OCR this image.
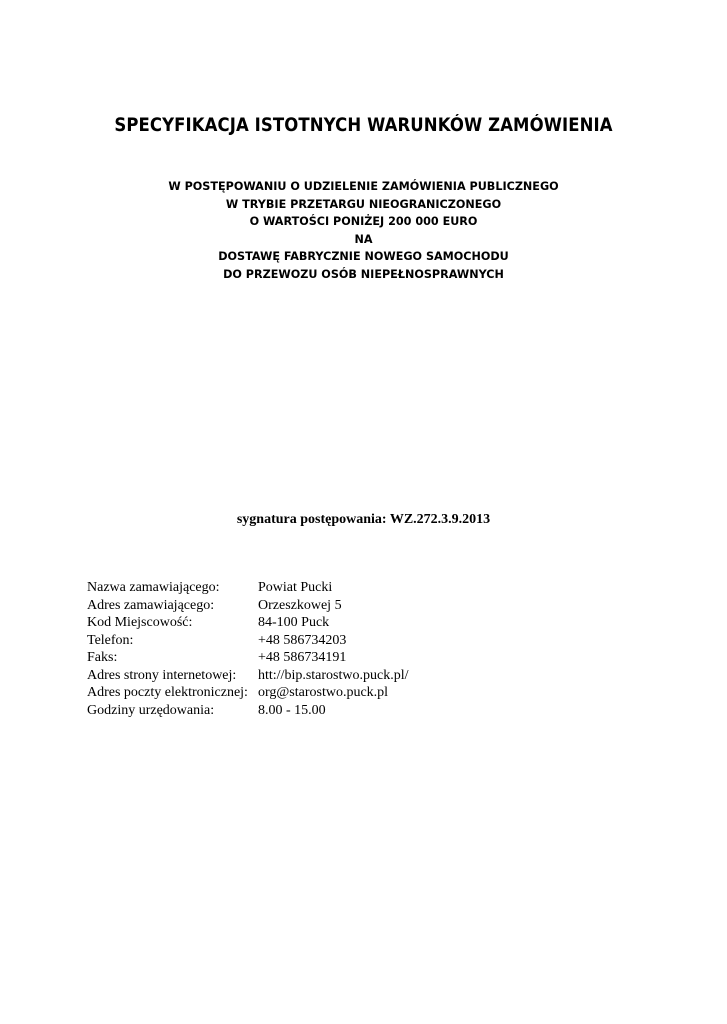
SPECYFIKACJA ISTOTNYCH WARUNKÓW ZAMÓWIENIA
W POSTĘPOWANIU O UDZIELENIE ZAMÓWIENIA PUBLICZNEGO
W TRYBIE PRZETARGU NIEOGRANICZONEGO
O WARTOŚCI PONIŻEJ 200 000 EURO
NA
DOSTAWĘ FABRYCZNIE NOWEGO SAMOCHODU
DO PRZEWOZU OSÓB NIEPEŁNOSPRAWNYCH
sygnatura postępowania: WZ.272.3.9.2013
Nazwa zamawiającego:	Powiat Pucki
Adres zamawiającego:	Orzeszkowej 5
Kod Miejscowość:	84-100 Puck
Telefon:	+48 586734203
Faks:	+48 586734191
Adres strony internetowej:	htt://bip.starostwo.puck.pl/
Adres poczty elektronicznej: org@starostwo.puck.pl
Godziny urzędowania:	8.00 - 15.00
